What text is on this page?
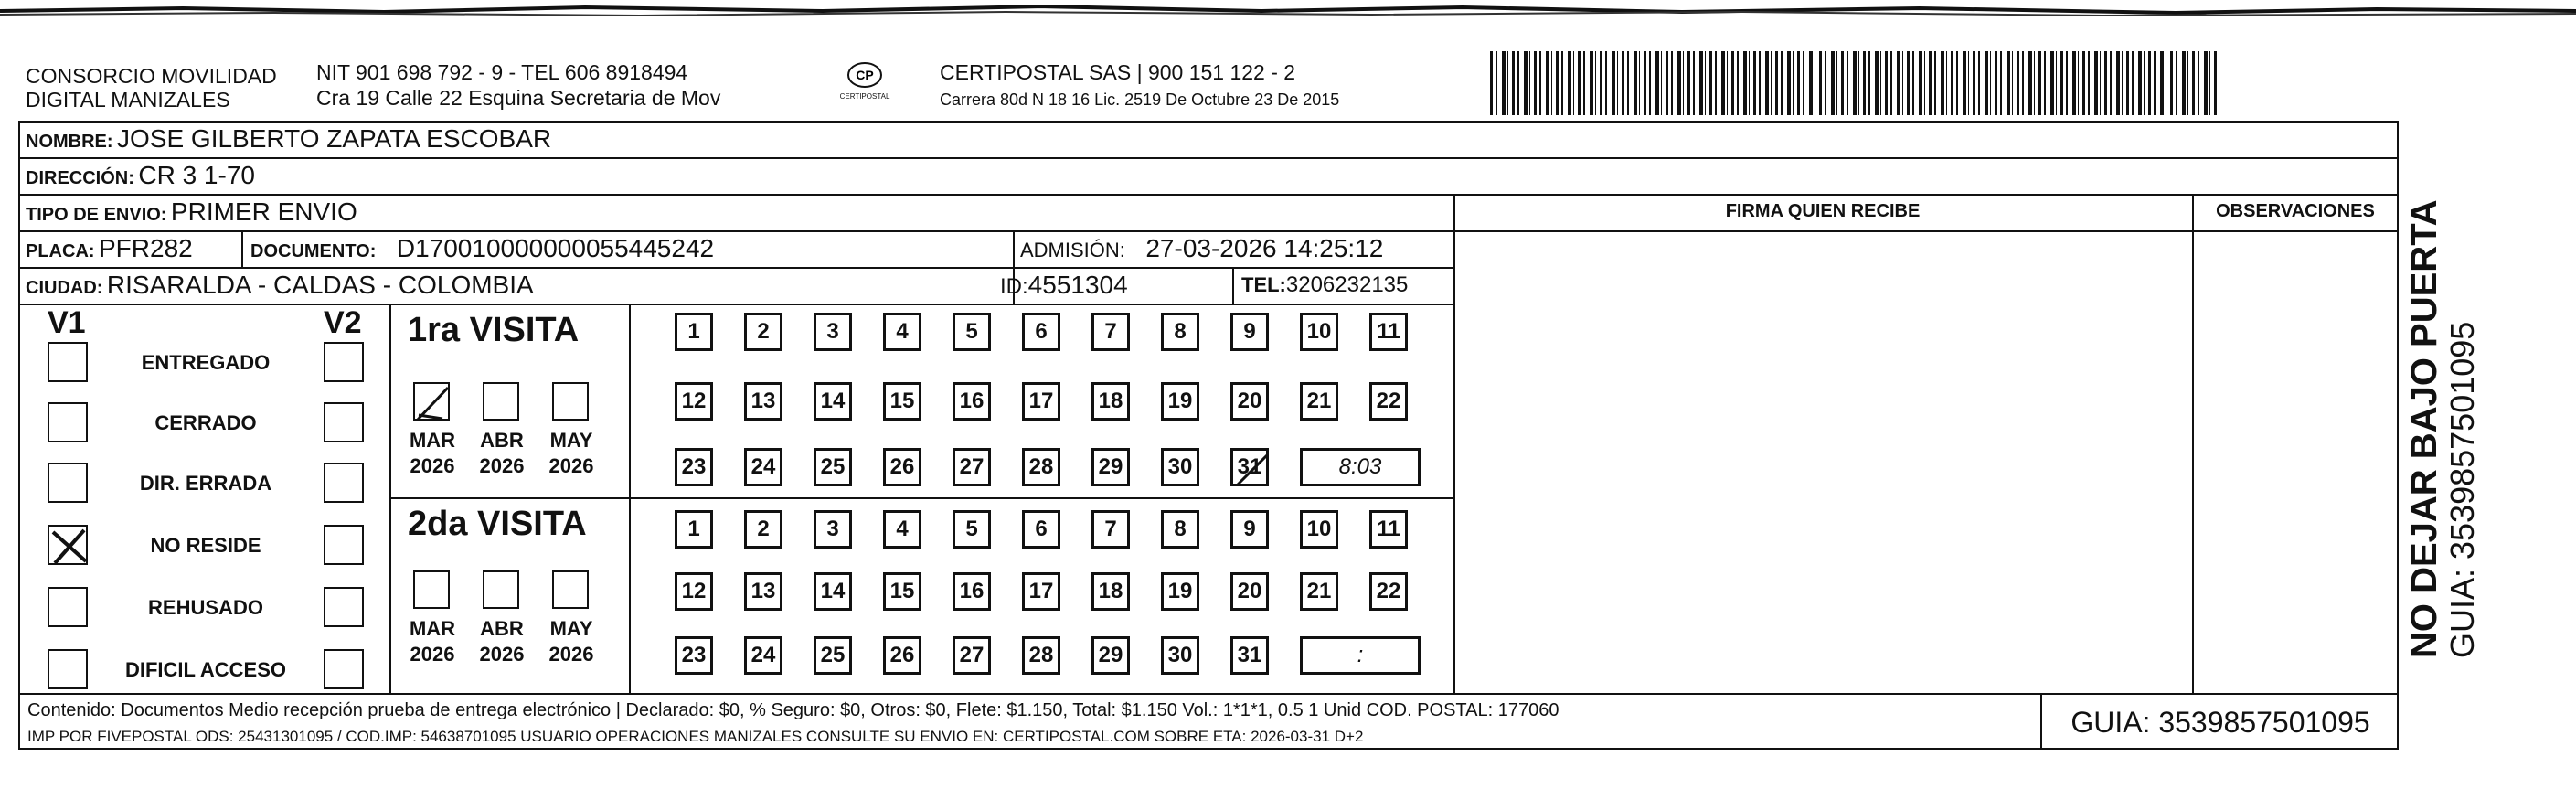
CONSORCIO MOVILIDAD
DIGITAL MANIZALES
NIT 901 698 792 - 9 - TEL 606 8918494
Cra 19 Calle 22 Esquina Secretaria de Mov
CP
CERTIPOSTAL
CERTIPOSTAL SAS | 900 151 122 - 2
Carrera 80d N 18 16 Lic. 2519 De Octubre 23 De 2015
NOMBRE: JOSE GILBERTO ZAPATA ESCOBAR
DIRECCIÓN: CR 3 1-70
TIPO DE ENVIO: PRIMER ENVIO	FIRMA QUIEN RECIBE	OBSERVACIONES
PLACA: PFR282	DOCUMENTO: D170010000000055445242	ADMISIÓN: 27-03-2026 14:25:12
CIUDAD: RISARALDA - CALDAS - COLOMBIA	ID:4551304	TEL:3206232135
V1	V2 1ra VISITA
2da VISITA
Contenido: Documentos Medio recepción prueba de entrega electrónico | Declarado: $0, % Seguro: $0, Otros: $0, Flete: $1.150, Total: $1.150 Vol.: 1*1*1, 0.5 1 Unid COD. POSTAL: 177060
IMP POR FIVEPOSTAL ODS: 25431301095 / COD.IMP: 54638701095 USUARIO OPERACIONES MANIZALES CONSULTE SU ENVIO EN: CERTIPOSTAL.COM SOBRE ETA: 2026-03-31 D+2	GUIA: 3539857501095
NO DEJAR BAJO PUERTA GUIA: 3539857501095
ENTREGADO
CERRADO
DIR. ERRADA
NO RESIDE
REHUSADO
DIFICIL ACCESO
MAR
2026
ABR
2026
MAY
2026
MAR
2026
ABR
2026
MAY
2026
1	2	3	4	5	6	7	8	9	10	11
12	13	14	15	16	17	18	19	20	21	22
23	24	25	26	27	28	29	30	31	8:03
1	2	3	4	5	6	7	8	9	10	11
12	13	14	15	16	17	18	19	20	21	22
23	24	25	26	27	28	29	30	31	:
